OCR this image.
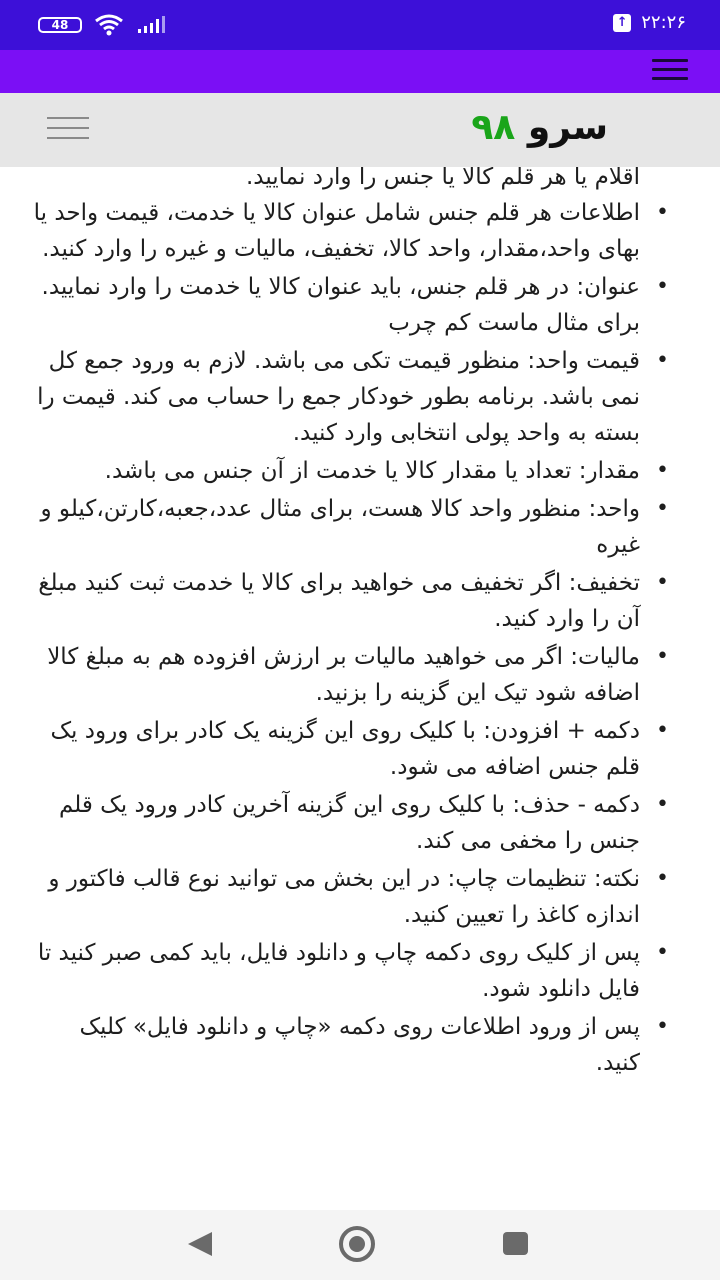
48	↑ ۲۲:۲۶
سرو ۹۸
اقلام یا هر قلم کالا یا جنس را وارد نمایید.
• اطلاعات هر قلم جنس شامل عنوان کالا یا خدمت، قیمت واحد یا بهای واحد،مقدار، واحد کالا، تخفیف، مالیات و غیره را وارد کنید.
• عنوان: در هر قلم جنس، باید عنوان کالا یا خدمت را وارد نمایید. برای مثال ماست کم چرب
• قیمت واحد: منظور قیمت تکی می باشد. لازم به ورود جمع کل نمی باشد. برنامه بطور خودکار جمع را حساب می کند. قیمت را بسته به واحد پولی انتخابی وارد کنید.
• مقدار: تعداد یا مقدار کالا یا خدمت از آن جنس می باشد.
• واحد: منظور واحد کالا هست، برای مثال عدد،جعبه،کارتن،کیلو و غیره
• تخفیف: اگر تخفیف می خواهید برای کالا یا خدمت ثبت کنید مبلغ آن را وارد کنید.
• مالیات: اگر می خواهید مالیات بر ارزش افزوده هم به مبلغ کالا اضافه شود تیک این گزینه را بزنید.
• دکمه + افزودن: با کلیک روی این گزینه یک کادر برای ورود یک قلم جنس اضافه می شود.
• دکمه - حذف: با کلیک روی این گزینه آخرین کادر ورود یک قلم جنس را مخفی می کند.
• نکته: تنظیمات چاپ: در این بخش می توانید نوع قالب فاکتور و اندازه کاغذ را تعیین کنید.
• پس از کلیک روی دکمه چاپ و دانلود فایل، باید کمی صبر کنید تا فایل دانلود شود.
• پس از ورود اطلاعات روی دکمه «چاپ و دانلود فایل» کلیک کنید.
